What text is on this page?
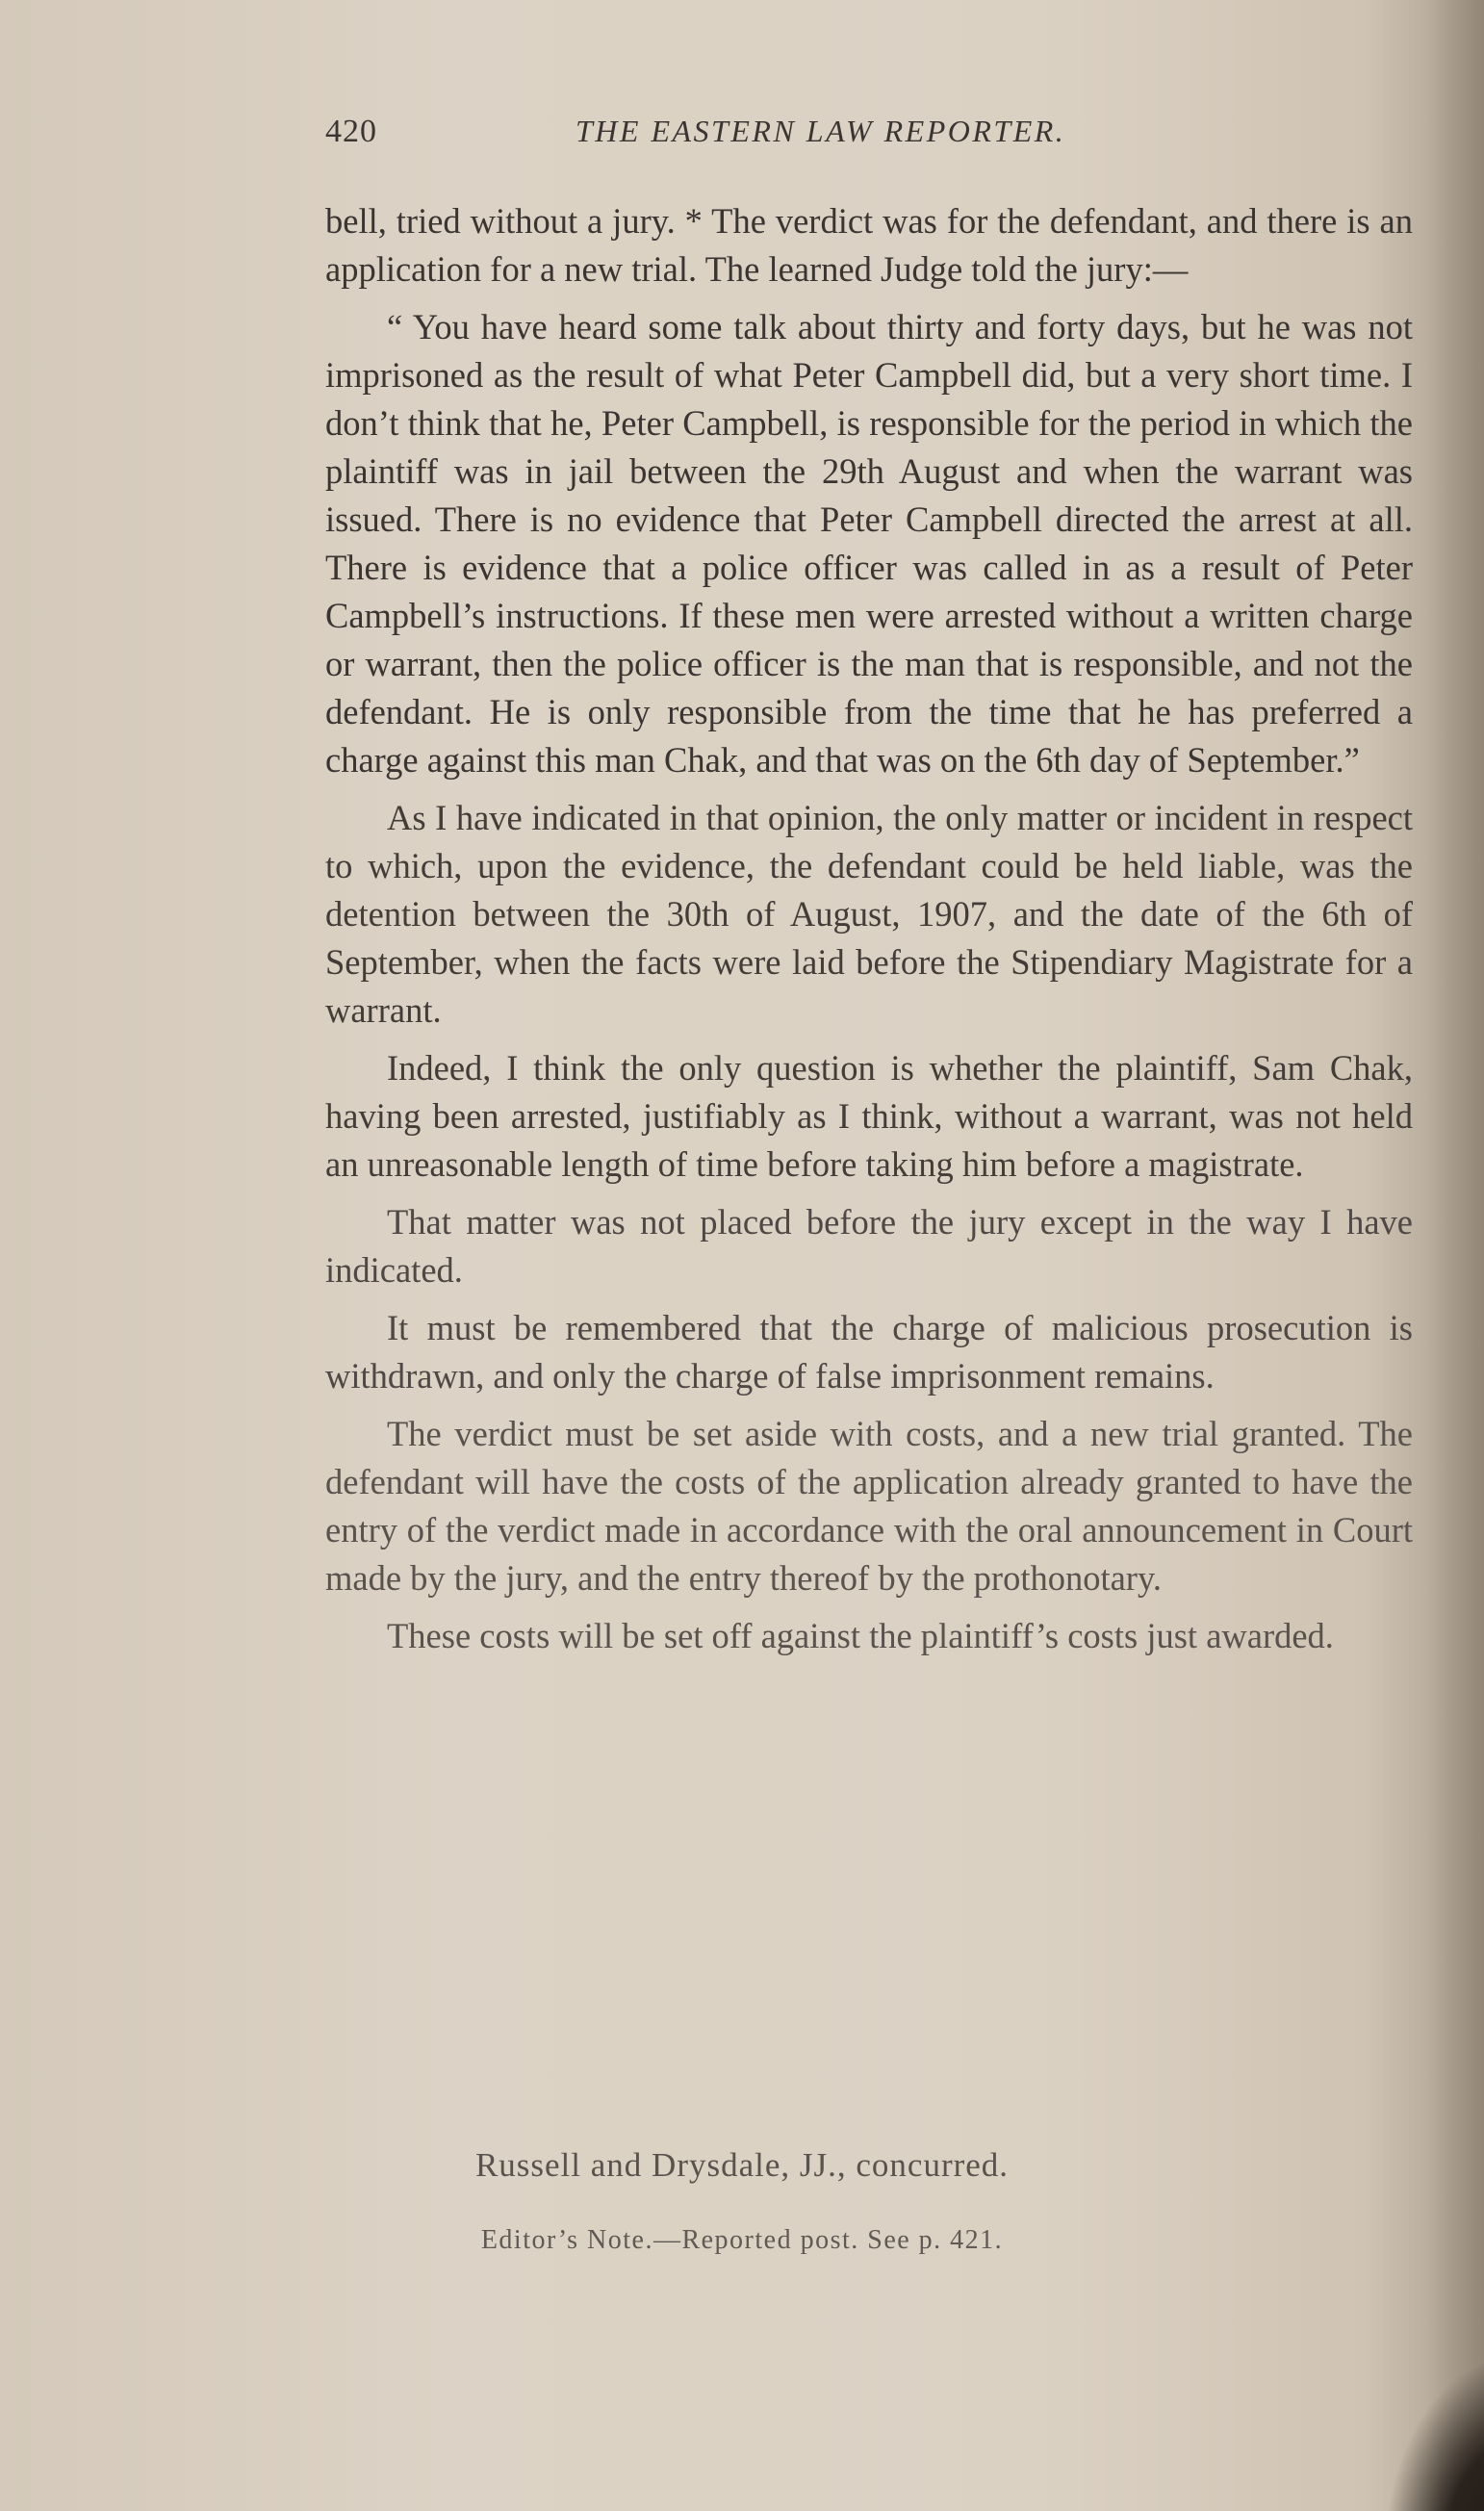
420	THE EASTERN LAW REPORTER.

bell, tried without a jury. * The verdict was for the defendant, and there is an application for a new trial. The learned Judge told the jury:—

“ You have heard some talk about thirty and forty days, but he was not imprisoned as the result of what Peter Campbell did, but a very short time. I don’t think that he, Peter Campbell, is responsible for the period in which the plaintiff was in jail between the 29th August and when the warrant was issued. There is no evidence that Peter Campbell directed the arrest at all. There is evidence that a police officer was called in as a result of Peter Campbell’s instructions. If these men were arrested without a written charge or warrant, then the police officer is the man that is responsible, and not the defendant. He is only responsible from the time that he has preferred a charge against this man Chak, and that was on the 6th day of September.”

As I have indicated in that opinion, the only matter or incident in respect to which, upon the evidence, the defendant could be held liable, was the detention between the 30th of August, 1907, and the date of the 6th of September, when the facts were laid before the Stipendiary Magistrate for a warrant.

Indeed, I think the only question is whether the plaintiff, Sam Chak, having been arrested, justifiably as I think, without a warrant, was not held an unreasonable length of time before taking him before a magistrate.

That matter was not placed before the jury except in the way I have indicated.

It must be remembered that the charge of malicious prosecution is withdrawn, and only the charge of false imprisonment remains.

The verdict must be set aside with costs, and a new trial granted. The defendant will have the costs of the application already granted to have the entry of the verdict made in accordance with the oral announcement in Court made by the jury, and the entry thereof by the prothonotary.

These costs will be set off against the plaintiff’s costs just awarded.

Russell and Drysdale, JJ., concurred.
Editor’s Note.—Reported post. See p. 421.
